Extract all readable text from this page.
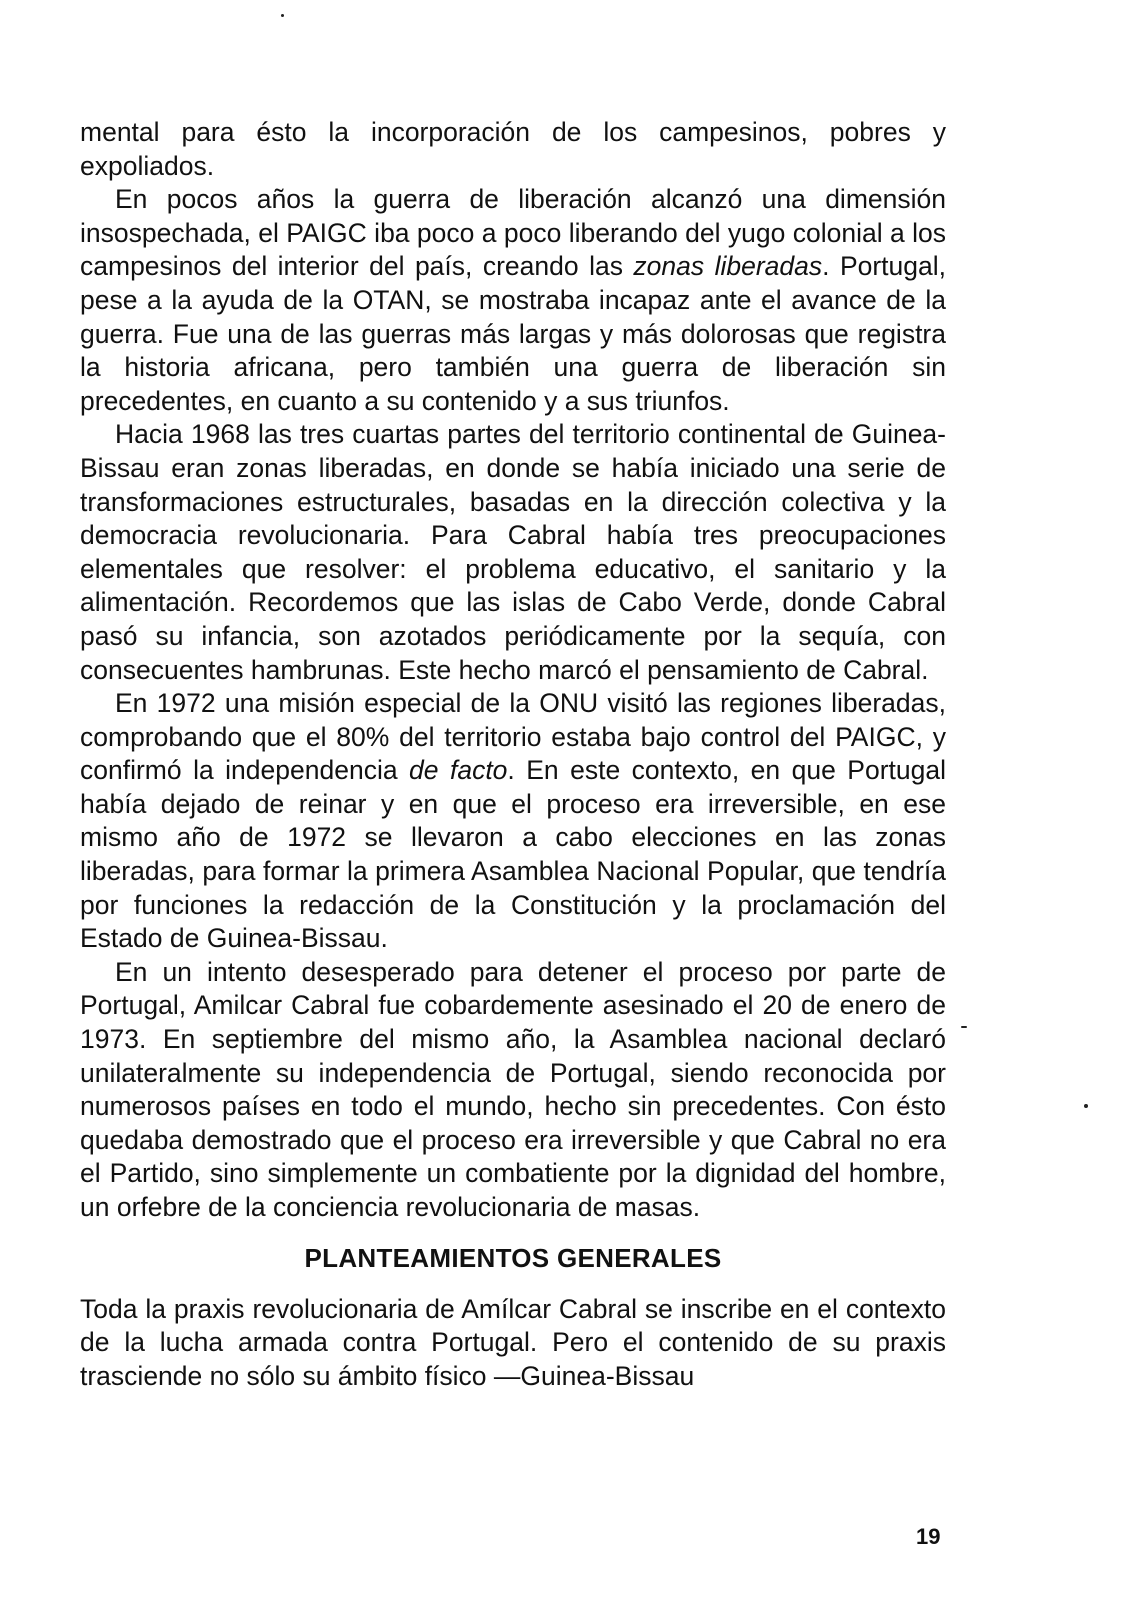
mental para ésto la incorporación de los campesinos, pobres y expoliados.

En pocos años la guerra de liberación alcanzó una dimensión insospechada, el PAIGC iba poco a poco liberando del yugo colonial a los campesinos del interior del país, creando las zonas liberadas. Portugal, pese a la ayuda de la OTAN, se mostraba incapaz ante el avance de la guerra. Fue una de las guerras más largas y más dolorosas que registra la historia africana, pero también una guerra de liberación sin precedentes, en cuanto a su contenido y a sus triunfos.

Hacia 1968 las tres cuartas partes del territorio continental de Guinea-Bissau eran zonas liberadas, en donde se había iniciado una serie de transformaciones estructurales, basadas en la dirección colectiva y la democracia revolucionaria. Para Cabral había tres preocupaciones elementales que resolver: el problema educativo, el sanitario y la alimentación. Recordemos que las islas de Cabo Verde, donde Cabral pasó su infancia, son azotados periódicamente por la sequía, con consecuentes hambrunas. Este hecho marcó el pensamiento de Cabral.

En 1972 una misión especial de la ONU visitó las regiones liberadas, comprobando que el 80% del territorio estaba bajo control del PAIGC, y confirmó la independencia de facto. En este contexto, en que Portugal había dejado de reinar y en que el proceso era irreversible, en ese mismo año de 1972 se llevaron a cabo elecciones en las zonas liberadas, para formar la primera Asamblea Nacional Popular, que tendría por funciones la redacción de la Constitución y la proclamación del Estado de Guinea-Bissau.

En un intento desesperado para detener el proceso por parte de Portugal, Amilcar Cabral fue cobardemente asesinado el 20 de enero de 1973. En septiembre del mismo año, la Asamblea nacional declaró unilateralmente su independencia de Portugal, siendo reconocida por numerosos países en todo el mundo, hecho sin precedentes. Con ésto quedaba demostrado que el proceso era irreversible y que Cabral no era el Partido, sino simplemente un combatiente por la dignidad del hombre, un orfebre de la conciencia revolucionaria de masas.

PLANTEAMIENTOS GENERALES

Toda la praxis revolucionaria de Amílcar Cabral se inscribe en el contexto de la lucha armada contra Portugal. Pero el contenido de su praxis trasciende no sólo su ámbito físico —Guinea-Bissau

19
